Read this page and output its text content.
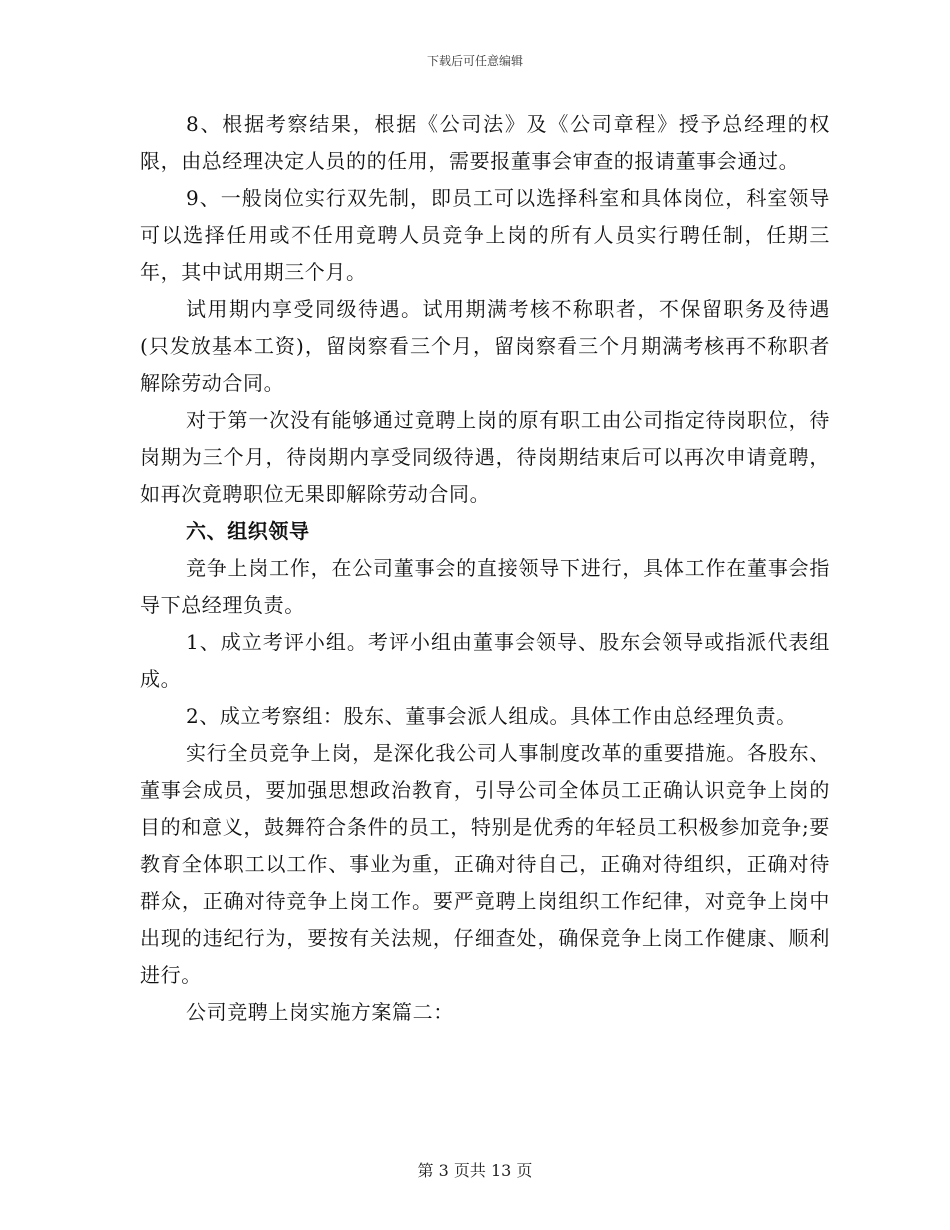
下载后可任意编辑

8、根据考察结果，根据《公司法》及《公司章程》授予总经理的权限，由总经理决定人员的的任用，需要报董事会审查的报请董事会通过。

9、一般岗位实行双先制，即员工可以选择科室和具体岗位，科室领导可以选择任用或不任用竟聘人员竞争上岗的所有人员实行聘任制，任期三年，其中试用期三个月。

试用期内享受同级待遇。试用期满考核不称职者，不保留职务及待遇(只发放基本工资)，留岗察看三个月，留岗察看三个月期满考核再不称职者解除劳动合同。

对于第一次没有能够通过竟聘上岗的原有职工由公司指定待岗职位，待岗期为三个月，待岗期内享受同级待遇，待岗期结束后可以再次申请竟聘，如再次竟聘职位无果即解除劳动合同。

六、组织领导

竞争上岗工作，在公司董事会的直接领导下进行，具体工作在董事会指导下总经理负责。

1、成立考评小组。考评小组由董事会领导、股东会领导或指派代表组成。

2、成立考察组：股东、董事会派人组成。具体工作由总经理负责。

实行全员竞争上岗，是深化我公司人事制度改革的重要措施。各股东、董事会成员，要加强思想政治教育，引导公司全体员工正确认识竞争上岗的目的和意义，鼓舞符合条件的员工，特别是优秀的年轻员工积极参加竞争;要教育全体职工以工作、事业为重，正确对待自己，正确对待组织，正确对待群众，正确对待竞争上岗工作。要严竟聘上岗组织工作纪律，对竞争上岗中出现的违纪行为，要按有关法规，仔细查处，确保竞争上岗工作健康、顺利进行。

公司竞聘上岗实施方案篇二：

第 3 页共 13 页
